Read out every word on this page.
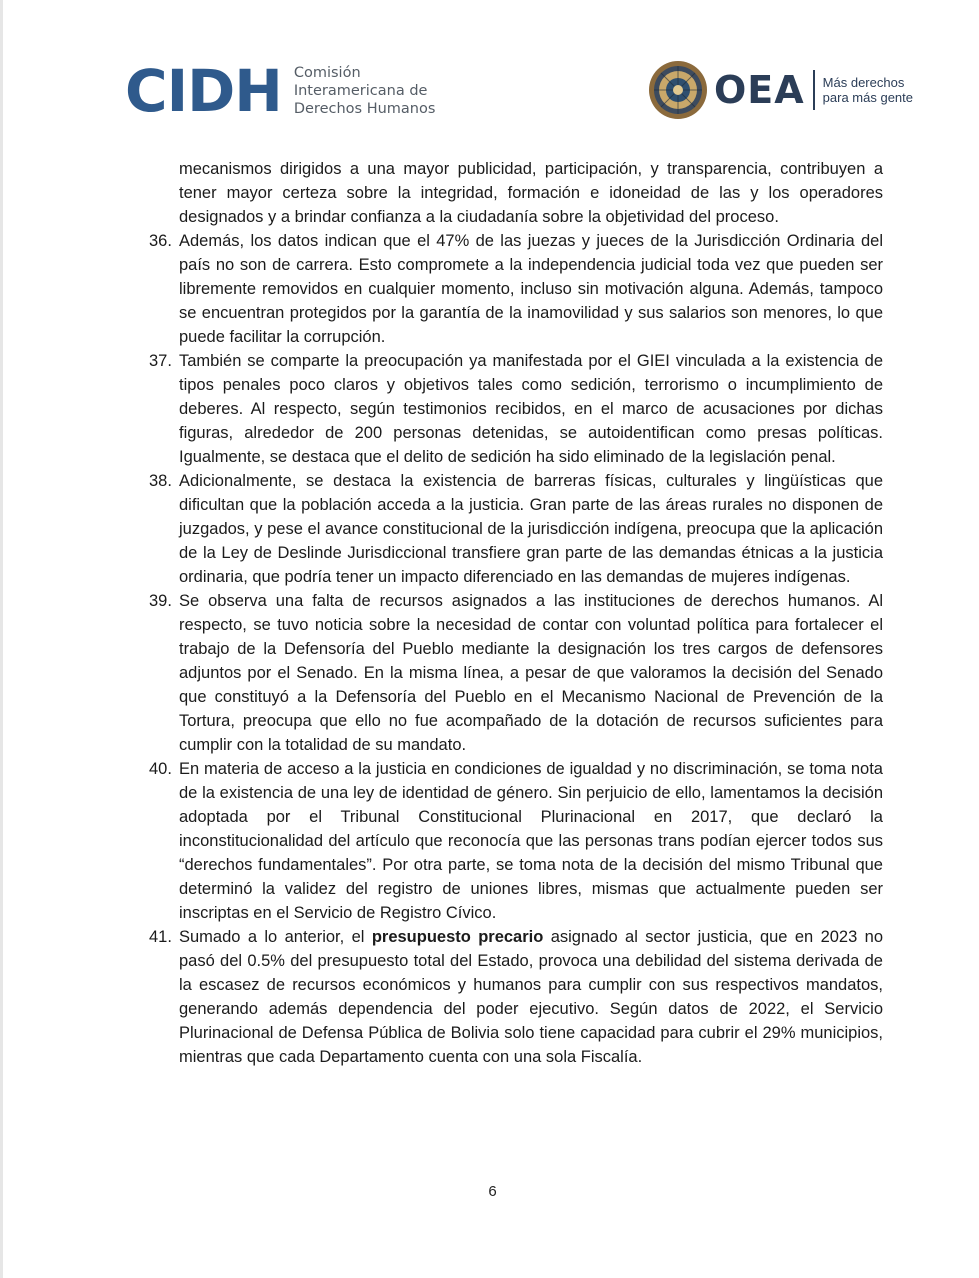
CIDH Comisión
Interamericana de
Derechos Humanos	OEA Más derechos
para más gente

mecanismos dirigidos a una mayor publicidad, participación, y transparencia, contribuyen a tener mayor certeza sobre la integridad, formación e idoneidad de las y los operadores designados y a brindar confianza a la ciudadanía sobre la objetividad del proceso.

36. Además, los datos indican que el 47% de las juezas y jueces de la Jurisdicción Ordinaria del país no son de carrera. Esto compromete a la independencia judicial toda vez que pueden ser libremente removidos en cualquier momento, incluso sin motivación alguna. Además, tampoco se encuentran protegidos por la garantía de la inamovilidad y sus salarios son menores, lo que puede facilitar la corrupción.
37. También se comparte la preocupación ya manifestada por el GIEI vinculada a la existencia de tipos penales poco claros y objetivos tales como sedición, terrorismo o incumplimiento de deberes. Al respecto, según testimonios recibidos, en el marco de acusaciones por dichas figuras, alrededor de 200 personas detenidas, se autoidentifican como presas políticas. Igualmente, se destaca que el delito de sedición ha sido eliminado de la legislación penal.
38. Adicionalmente, se destaca la existencia de barreras físicas, culturales y lingüísticas que dificultan que la población acceda a la justicia. Gran parte de las áreas rurales no disponen de juzgados, y pese el avance constitucional de la jurisdicción indígena, preocupa que la aplicación de la Ley de Deslinde Jurisdiccional transfiere gran parte de las demandas étnicas a la justicia ordinaria, que podría tener un impacto diferenciado en las demandas de mujeres indígenas.
39. Se observa una falta de recursos asignados a las instituciones de derechos humanos. Al respecto, se tuvo noticia sobre la necesidad de contar con voluntad política para fortalecer el trabajo de la Defensoría del Pueblo mediante la designación los tres cargos de defensores adjuntos por el Senado. En la misma línea, a pesar de que valoramos la decisión del Senado que constituyó a la Defensoría del Pueblo en el Mecanismo Nacional de Prevención de la Tortura, preocupa que ello no fue acompañado de la dotación de recursos suficientes para cumplir con la totalidad de su mandato.
40. En materia de acceso a la justicia en condiciones de igualdad y no discriminación, se toma nota de la existencia de una ley de identidad de género. Sin perjuicio de ello, lamentamos la decisión adoptada por el Tribunal Constitucional Plurinacional en 2017, que declaró la inconstitucionalidad del artículo que reconocía que las personas trans podían ejercer todos sus “derechos fundamentales”. Por otra parte, se toma nota de la decisión del mismo Tribunal que determinó la validez del registro de uniones libres, mismas que actualmente pueden ser inscriptas en el Servicio de Registro Cívico.
41. Sumado a lo anterior, el presupuesto precario asignado al sector justicia, que en 2023 no pasó del 0.5% del presupuesto total del Estado, provoca una debilidad del sistema derivada de la escasez de recursos económicos y humanos para cumplir con sus respectivos mandatos, generando además dependencia del poder ejecutivo. Según datos de 2022, el Servicio Plurinacional de Defensa Pública de Bolivia solo tiene capacidad para cubrir el 29% municipios, mientras que cada Departamento cuenta con una sola Fiscalía.
6
